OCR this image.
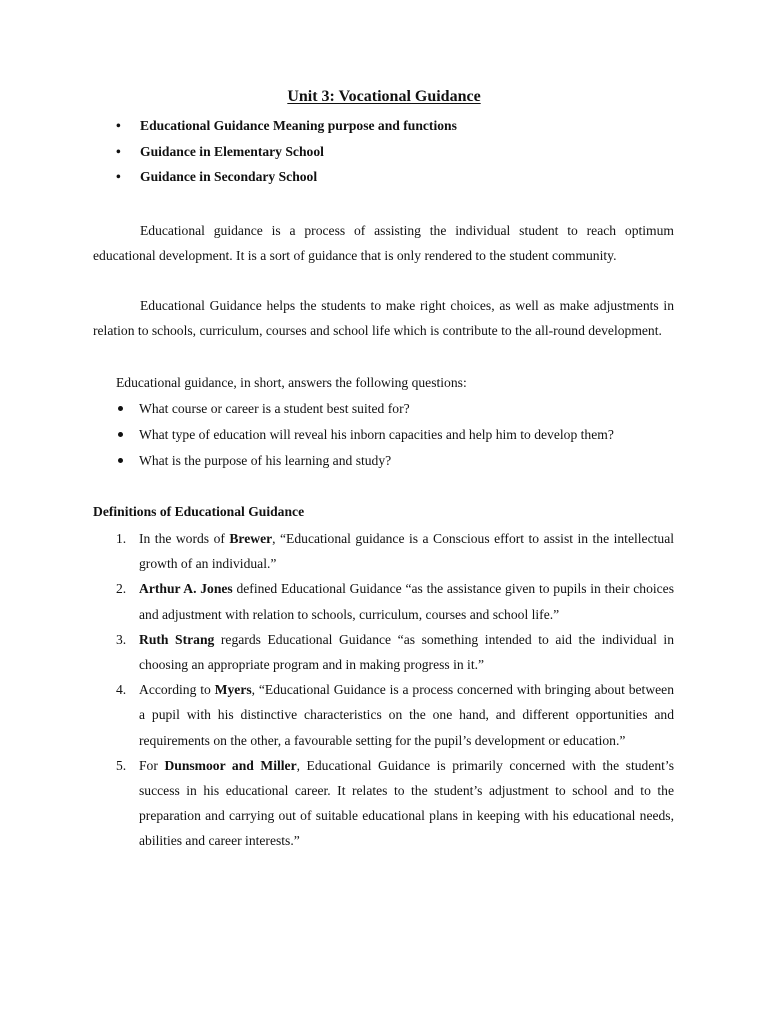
Unit 3: Vocational Guidance
• Educational Guidance Meaning purpose and functions
• Guidance in Elementary School
• Guidance in Secondary School

Educational guidance is a process of assisting the individual student to reach optimum educational development. It is a sort of guidance that is only rendered to the student community.

Educational Guidance helps the students to make right choices, as well as make adjustments in relation to schools, curriculum, courses and school life which is contribute to the all-round development.

Educational guidance, in short, answers the following questions:

What course or career is a student best suited for?
What type of education will reveal his inborn capacities and help him to develop them?
What is the purpose of his learning and study?

Definitions of Educational Guidance

1. In the words of Brewer, “Educational guidance is a Conscious effort to assist in the intellectual growth of an individual.”
2. Arthur A. Jones defined Educational Guidance “as the assistance given to pupils in their choices and adjustment with relation to schools, curriculum, courses and school life.”
3. Ruth Strang regards Educational Guidance “as something intended to aid the individual in choosing an appropriate program and in making progress in it.”
4. According to Myers, “Educational Guidance is a process concerned with bringing about between a pupil with his distinctive characteristics on the one hand, and different opportunities and requirements on the other, a favourable setting for the pupil’s development or education.”
5. For Dunsmoor and Miller, Educational Guidance is primarily concerned with the student’s success in his educational career. It relates to the student’s adjustment to school and to the preparation and carrying out of suitable educational plans in keeping with his educational needs, abilities and career interests.”
